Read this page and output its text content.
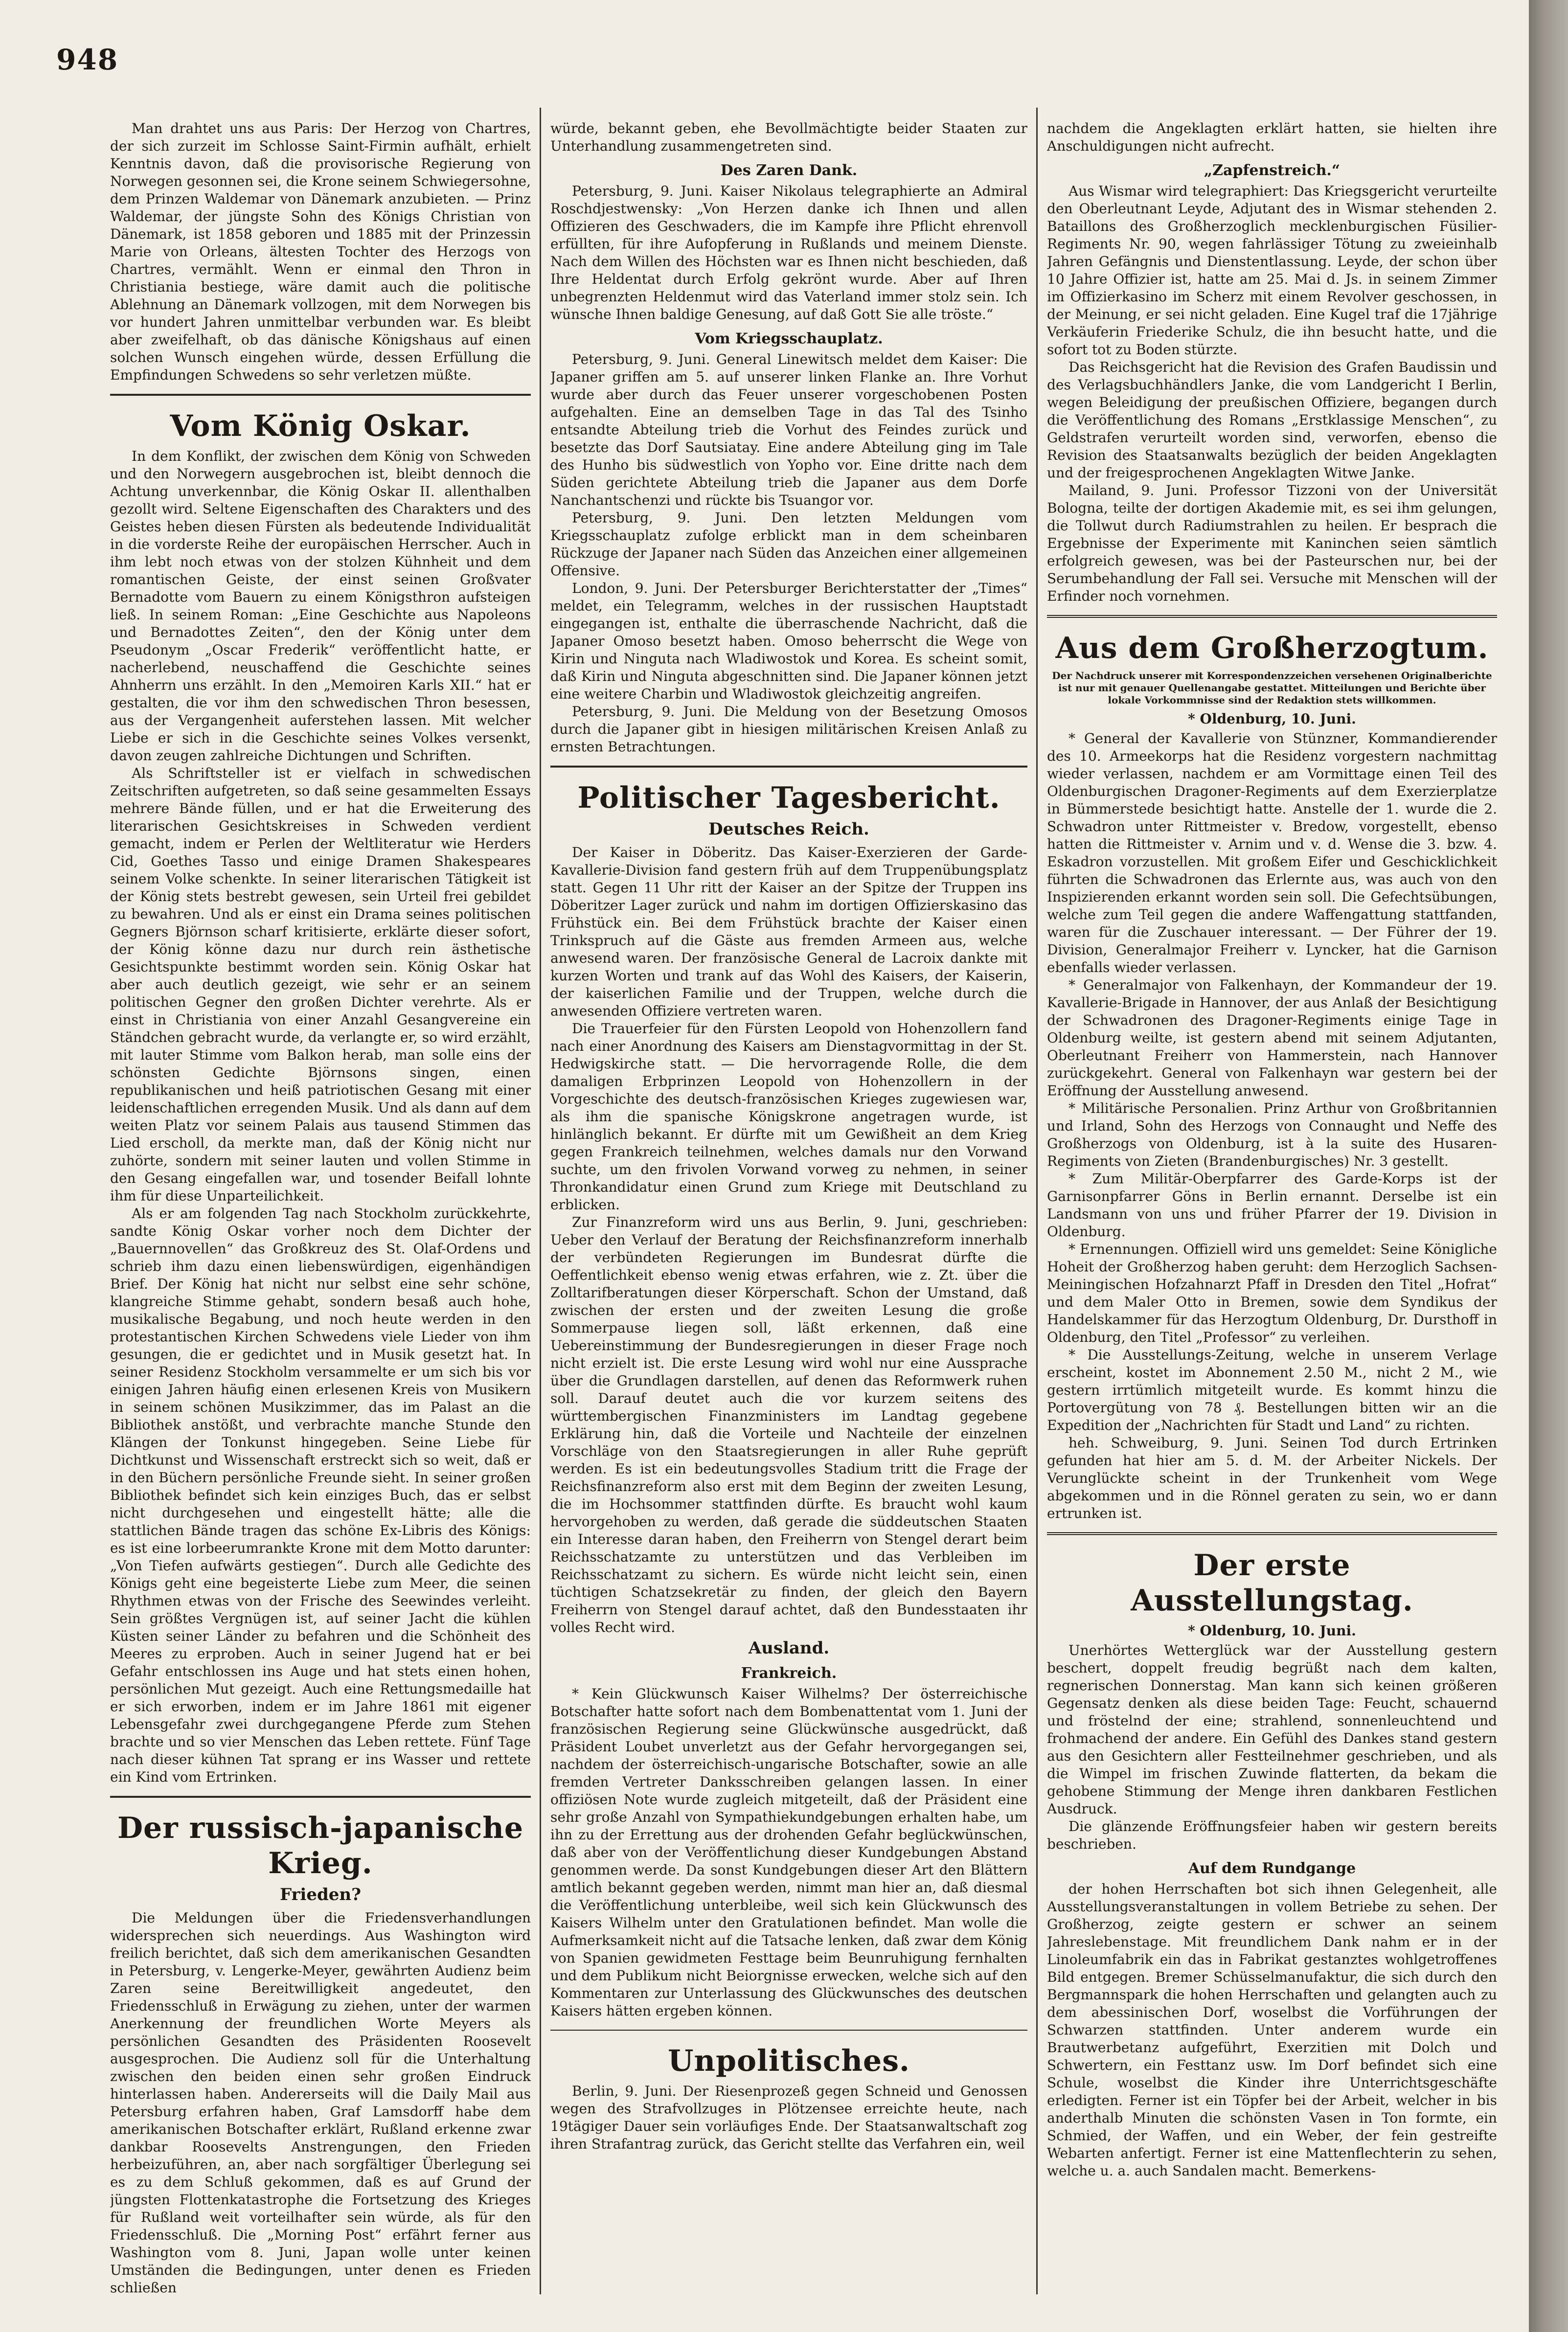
948

Man drahtet uns aus Paris: Der Herzog von Chartres, der sich zurzeit im Schlosse Saint-Firmin aufhält, erhielt Kenntnis davon, daß die provisorische Regierung von Norwegen gesonnen sei, die Krone seinem Schwiegersohne, dem Prinzen Waldemar von Dänemark anzubieten. — Prinz Waldemar, der jüngste Sohn des Königs Christian von Dänemark, ist 1858 geboren und 1885 mit der Prinzessin Marie von Orleans, ältesten Tochter des Herzogs von Chartres, vermählt. Wenn er einmal den Thron in Christiania bestiege, wäre damit auch die politische Ablehnung an Dänemark vollzogen, mit dem Norwegen bis vor hundert Jahren unmittelbar verbunden war. Es bleibt aber zweifelhaft, ob das dänische Königshaus auf einen solchen Wunsch eingehen würde, dessen Erfüllung die Empfindungen Schwedens so sehr verletzen müßte.

Vom König Oskar.

In dem Konflikt, der zwischen dem König von Schweden und den Norwegern ausgebrochen ist, bleibt dennoch die Achtung unverkennbar, die König Oskar II. allenthalben gezollt wird. Seltene Eigenschaften des Charakters und des Geistes heben diesen Fürsten als bedeutende Individualität in die vorderste Reihe der europäischen Herrscher. Auch in ihm lebt noch etwas von der stolzen Kühnheit und dem romantischen Geiste, der einst seinen Großvater Bernadotte vom Bauern zu einem Königsthron aufsteigen ließ. In seinem Roman: „Eine Geschichte aus Napoleons und Bernadottes Zeiten“, den der König unter dem Pseudonym „Oscar Frederik“ veröffentlicht hatte, er nacherlebend, neuschaffend die Geschichte seines Ahnherrn uns erzählt. In den „Memoiren Karls XII.“ hat er gestalten, die vor ihm den schwedischen Thron besessen, aus der Vergangenheit auferstehen lassen. Mit welcher Liebe er sich in die Geschichte seines Volkes versenkt, davon zeugen zahlreiche Dichtungen und Schriften.

Als Schriftsteller ist er vielfach in schwedischen Zeitschriften aufgetreten, so daß seine gesammelten Essays mehrere Bände füllen, und er hat die Erweiterung des literarischen Gesichtskreises in Schweden verdient gemacht, indem er Perlen der Weltliteratur wie Herders Cid, Goethes Tasso und einige Dramen Shakespeares seinem Volke schenkte. In seiner literarischen Tätigkeit ist der König stets bestrebt gewesen, sein Urteil frei gebildet zu bewahren. Und als er einst ein Drama seines politischen Gegners Björnson scharf kritisierte, erklärte dieser sofort, der König könne dazu nur durch rein ästhetische Gesichtspunkte bestimmt worden sein. König Oskar hat aber auch deutlich gezeigt, wie sehr er an seinem politischen Gegner den großen Dichter verehrte. Als er einst in Christiania von einer Anzahl Gesangvereine ein Ständchen gebracht wurde, da verlangte er, so wird erzählt, mit lauter Stimme vom Balkon herab, man solle eins der schönsten Gedichte Björnsons singen, einen republikanischen und heiß patriotischen Gesang mit einer leidenschaftlichen erregenden Musik. Und als dann auf dem weiten Platz vor seinem Palais aus tausend Stimmen das Lied erscholl, da merkte man, daß der König nicht nur zuhörte, sondern mit seiner lauten und vollen Stimme in den Gesang eingefallen war, und tosender Beifall lohnte ihm für diese Unparteilichkeit.

Als er am folgenden Tag nach Stockholm zurückkehrte, sandte König Oskar vorher noch dem Dichter der „Bauernnovellen“ das Großkreuz des St. Olaf-Ordens und schrieb ihm dazu einen liebenswürdigen, eigenhändigen Brief. Der König hat nicht nur selbst eine sehr schöne, klangreiche Stimme gehabt, sondern besaß auch hohe, musikalische Begabung, und noch heute werden in den protestantischen Kirchen Schwedens viele Lieder von ihm gesungen, die er gedichtet und in Musik gesetzt hat. In seiner Residenz Stockholm versammelte er um sich bis vor einigen Jahren häufig einen erlesenen Kreis von Musikern in seinem schönen Musikzimmer, das im Palast an die Bibliothek anstößt, und verbrachte manche Stunde den Klängen der Tonkunst hingegeben. Seine Liebe für Dichtkunst und Wissenschaft erstreckt sich so weit, daß er in den Büchern persönliche Freunde sieht. In seiner großen Bibliothek befindet sich kein einziges Buch, das er selbst nicht durchgesehen und eingestellt hätte; alle die stattlichen Bände tragen das schöne Ex-Libris des Königs: es ist eine lorbeerumrankte Krone mit dem Motto darunter: „Von Tiefen aufwärts gestiegen“. Durch alle Gedichte des Königs geht eine begeisterte Liebe zum Meer, die seinen Rhythmen etwas von der Frische des Seewindes verleiht. Sein größtes Vergnügen ist, auf seiner Jacht die kühlen Küsten seiner Länder zu befahren und die Schönheit des Meeres zu erproben. Auch in seiner Jugend hat er bei Gefahr entschlossen ins Auge und hat stets einen hohen, persönlichen Mut gezeigt. Auch eine Rettungsmedaille hat er sich erworben, indem er im Jahre 1861 mit eigener Lebensgefahr zwei durchgegangene Pferde zum Stehen brachte und so vier Menschen das Leben rettete. Fünf Tage nach dieser kühnen Tat sprang er ins Wasser und rettete ein Kind vom Ertrinken.

Der russisch-japanische Krieg.
Frieden?

Die Meldungen über die Friedensverhandlungen widersprechen sich neuerdings. Aus Washington wird freilich berichtet, daß sich dem amerikanischen Gesandten in Petersburg, v. Lengerke-Meyer, gewährten Audienz beim Zaren seine Bereitwilligkeit angedeutet, den Friedensschluß in Erwägung zu ziehen, unter der warmen Anerkennung der freundlichen Worte Meyers als persönlichen Gesandten des Präsidenten Roosevelt ausgesprochen. Die Audienz soll für die Unterhaltung zwischen den beiden einen sehr großen Eindruck hinterlassen haben. Andererseits will die Daily Mail aus Petersburg erfahren haben, Graf Lamsdorff habe dem amerikanischen Botschafter erklärt, Rußland erkenne zwar dankbar Roosevelts Anstrengungen, den Frieden herbeizuführen, an, aber nach sorgfältiger Überlegung sei es zu dem Schluß gekommen, daß es auf Grund der jüngsten Flottenkatastrophe die Fortsetzung des Krieges für Rußland weit vorteilhafter sein würde, als für den Friedensschluß. Die „Morning Post“ erfährt ferner aus Washington vom 8. Juni, Japan wolle unter keinen Umständen die Bedingungen, unter denen es Frieden schließen

würde, bekannt geben, ehe Bevollmächtigte beider Staaten zur Unterhandlung zusammengetreten sind.

Des Zaren Dank.

Petersburg, 9. Juni. Kaiser Nikolaus telegraphierte an Admiral Roschdjestwensky: „Von Herzen danke ich Ihnen und allen Offizieren des Geschwaders, die im Kampfe ihre Pflicht ehrenvoll erfüllten, für ihre Aufopferung in Rußlands und meinem Dienste. Nach dem Willen des Höchsten war es Ihnen nicht beschieden, daß Ihre Heldentat durch Erfolg gekrönt wurde. Aber auf Ihren unbegrenzten Heldenmut wird das Vaterland immer stolz sein. Ich wünsche Ihnen baldige Genesung, auf daß Gott Sie alle tröste.“

Vom Kriegsschauplatz.

Petersburg, 9. Juni. General Linewitsch meldet dem Kaiser: Die Japaner griffen am 5. auf unserer linken Flanke an. Ihre Vorhut wurde aber durch das Feuer unserer vorgeschobenen Posten aufgehalten. Eine an demselben Tage in das Tal des Tsinho entsandte Abteilung trieb die Vorhut des Feindes zurück und besetzte das Dorf Sautsiatay. Eine andere Abteilung ging im Tale des Hunho bis südwestlich von Yopho vor. Eine dritte nach dem Süden gerichtete Abteilung trieb die Japaner aus dem Dorfe Nanchantschenzi und rückte bis Tsuangor vor.

Petersburg, 9. Juni. Den letzten Meldungen vom Kriegsschauplatz zufolge erblickt man in dem scheinbaren Rückzuge der Japaner nach Süden das Anzeichen einer allgemeinen Offensive.

London, 9. Juni. Der Petersburger Berichterstatter der „Times“ meldet, ein Telegramm, welches in der russischen Hauptstadt eingegangen ist, enthalte die überraschende Nachricht, daß die Japaner Omoso besetzt haben. Omoso beherrscht die Wege von Kirin und Ninguta nach Wladiwostok und Korea. Es scheint somit, daß Kirin und Ninguta abgeschnitten sind. Die Japaner können jetzt eine weitere Charbin und Wladiwostok gleichzeitig angreifen.

Petersburg, 9. Juni. Die Meldung von der Besetzung Omosos durch die Japaner gibt in hiesigen militärischen Kreisen Anlaß zu ernsten Betrachtungen.

Politischer Tagesbericht.
Deutsches Reich.

Der Kaiser in Döberitz. Das Kaiser-Exerzieren der Garde-Kavallerie-Division fand gestern früh auf dem Truppenübungsplatz statt. Gegen 11 Uhr ritt der Kaiser an der Spitze der Truppen ins Döberitzer Lager zurück und nahm im dortigen Offizierskasino das Frühstück ein. Bei dem Frühstück brachte der Kaiser einen Trinkspruch auf die Gäste aus fremden Armeen aus, welche anwesend waren. Der französische General de Lacroix dankte mit kurzen Worten und trank auf das Wohl des Kaisers, der Kaiserin, der kaiserlichen Familie und der Truppen, welche durch die anwesenden Offiziere vertreten waren.

Die Trauerfeier für den Fürsten Leopold von Hohenzollern fand nach einer Anordnung des Kaisers am Dienstagvormittag in der St. Hedwigskirche statt. — Die hervorragende Rolle, die dem damaligen Erbprinzen Leopold von Hohenzollern in der Vorgeschichte des deutsch-französischen Krieges zugewiesen war, als ihm die spanische Königskrone angetragen wurde, ist hinlänglich bekannt. Er dürfte mit um Gewißheit an dem Krieg gegen Frankreich teilnehmen, welches damals nur den Vorwand suchte, um den frivolen Vorwand vorweg zu nehmen, in seiner Thronkandidatur einen Grund zum Kriege mit Deutschland zu erblicken.

Zur Finanzreform wird uns aus Berlin, 9. Juni, geschrieben: Ueber den Verlauf der Beratung der Reichsfinanzreform innerhalb der verbündeten Regierungen im Bundesrat dürfte die Oeffentlichkeit ebenso wenig etwas erfahren, wie z. Zt. über die Zolltarifberatungen dieser Körperschaft. Schon der Umstand, daß zwischen der ersten und der zweiten Lesung die große Sommerpause liegen soll, läßt erkennen, daß eine Uebereinstimmung der Bundesregierungen in dieser Frage noch nicht erzielt ist. Die erste Lesung wird wohl nur eine Aussprache über die Grundlagen darstellen, auf denen das Reformwerk ruhen soll. Darauf deutet auch die vor kurzem seitens des württembergischen Finanzministers im Landtag gegebene Erklärung hin, daß die Vorteile und Nachteile der einzelnen Vorschläge von den Staatsregierungen in aller Ruhe geprüft werden. Es ist ein bedeutungsvolles Stadium tritt die Frage der Reichsfinanzreform also erst mit dem Beginn der zweiten Lesung, die im Hochsommer stattfinden dürfte. Es braucht wohl kaum hervorgehoben zu werden, daß gerade die süddeutschen Staaten ein Interesse daran haben, den Freiherrn von Stengel derart beim Reichsschatzamte zu unterstützen und das Verbleiben im Reichsschatzamt zu sichern. Es würde nicht leicht sein, einen tüchtigen Schatzsekretär zu finden, der gleich den Bayern Freiherrn von Stengel darauf achtet, daß den Bundesstaaten ihr volles Recht wird.

Ausland.
Frankreich.

* Kein Glückwunsch Kaiser Wilhelms? Der österreichische Botschafter hatte sofort nach dem Bombenattentat vom 1. Juni der französischen Regierung seine Glückwünsche ausgedrückt, daß Präsident Loubet unverletzt aus der Gefahr hervorgegangen sei, nachdem der österreichisch-ungarische Botschafter, sowie an alle fremden Vertreter Danksschreiben gelangen lassen. In einer offiziösen Note wurde zugleich mitgeteilt, daß der Präsident eine sehr große Anzahl von Sympathiekundgebungen erhalten habe, um ihn zu der Errettung aus der drohenden Gefahr beglückwünschen, daß aber von der Veröffentlichung dieser Kundgebungen Abstand genommen werde. Da sonst Kundgebungen dieser Art den Blättern amtlich bekannt gegeben werden, nimmt man hier an, daß diesmal die Veröffentlichung unterbleibe, weil sich kein Glückwunsch des Kaisers Wilhelm unter den Gratulationen befindet. Man wolle die Aufmerksamkeit nicht auf die Tatsache lenken, daß zwar dem König von Spanien gewidmeten Festtage beim Beunruhigung fernhalten und dem Publikum nicht Beiorgnisse erwecken, welche sich auf den Kommentaren zur Unterlassung des Glückwunsches des deutschen Kaisers hätten ergeben können.

Unpolitisches.

Berlin, 9. Juni. Der Riesenprozeß gegen Schneid und Genossen wegen des Strafvollzuges in Plötzensee erreichte heute, nach 19tägiger Dauer sein vorläufiges Ende. Der Staatsanwaltschaft zog ihren Strafantrag zurück, das Gericht stellte das Verfahren ein, weil

nachdem die Angeklagten erklärt hatten, sie hielten ihre Anschuldigungen nicht aufrecht.

„Zapfenstreich.“

Aus Wismar wird telegraphiert: Das Kriegsgericht verurteilte den Oberleutnant Leyde, Adjutant des in Wismar stehenden 2. Bataillons des Großherzoglich mecklenburgischen Füsilier-Regiments Nr. 90, wegen fahrlässiger Tötung zu zweieinhalb Jahren Gefängnis und Dienstentlassung. Leyde, der schon über 10 Jahre Offizier ist, hatte am 25. Mai d. Js. in seinem Zimmer im Offizierkasino im Scherz mit einem Revolver geschossen, in der Meinung, er sei nicht geladen. Eine Kugel traf die 17jährige Verkäuferin Friederike Schulz, die ihn besucht hatte, und die sofort tot zu Boden stürzte.

Das Reichsgericht hat die Revision des Grafen Baudissin und des Verlagsbuchhändlers Janke, die vom Landgericht I Berlin, wegen Beleidigung der preußischen Offiziere, begangen durch die Veröffentlichung des Romans „Erstklassige Menschen“, zu Geldstrafen verurteilt worden sind, verworfen, ebenso die Revision des Staatsanwalts bezüglich der beiden Angeklagten und der freigesprochenen Angeklagten Witwe Janke.

Mailand, 9. Juni. Professor Tizzoni von der Universität Bologna, teilte der dortigen Akademie mit, es sei ihm gelungen, die Tollwut durch Radiumstrahlen zu heilen. Er besprach die Ergebnisse der Experimente mit Kaninchen seien sämtlich erfolgreich gewesen, was bei der Pasteurschen nur, bei der Serumbehandlung der Fall sei. Versuche mit Menschen will der Erfinder noch vornehmen.

Aus dem Großherzogtum.
Der Nachdruck unserer mit Korrespondenzzeichen versehenen Originalberichte ist nur mit genauer Quellenangabe gestattet. Mitteilungen und Berichte über lokale Vorkommnisse sind der Redaktion stets willkommen.
* Oldenburg, 10. Juni.

* General der Kavallerie von Stünzner, Kommandierender des 10. Armeekorps hat die Residenz vorgestern nachmittag wieder verlassen, nachdem er am Vormittage einen Teil des Oldenburgischen Dragoner-Regiments auf dem Exerzierplatze in Bümmerstede besichtigt hatte. Anstelle der 1. wurde die 2. Schwadron unter Rittmeister v. Bredow, vorgestellt, ebenso hatten die Rittmeister v. Arnim und v. d. Wense die 3. bzw. 4. Eskadron vorzustellen. Mit großem Eifer und Geschicklichkeit führten die Schwadronen das Erlernte aus, was auch von den Inspizierenden erkannt worden sein soll. Die Gefechtsübungen, welche zum Teil gegen die andere Waffengattung stattfanden, waren für die Zuschauer interessant. — Der Führer der 19. Division, Generalmajor Freiherr v. Lyncker, hat die Garnison ebenfalls wieder verlassen.

* Generalmajor von Falkenhayn, der Kommandeur der 19. Kavallerie-Brigade in Hannover, der aus Anlaß der Besichtigung der Schwadronen des Dragoner-Regiments einige Tage in Oldenburg weilte, ist gestern abend mit seinem Adjutanten, Oberleutnant Freiherr von Hammerstein, nach Hannover zurückgekehrt. General von Falkenhayn war gestern bei der Eröffnung der Ausstellung anwesend.

* Militärische Personalien. Prinz Arthur von Großbritannien und Irland, Sohn des Herzogs von Connaught und Neffe des Großherzogs von Oldenburg, ist à la suite des Husaren-Regiments von Zieten (Brandenburgisches) Nr. 3 gestellt.

* Zum Militär-Oberpfarrer des Garde-Korps ist der Garnisonpfarrer Göns in Berlin ernannt. Derselbe ist ein Landsmann von uns und früher Pfarrer der 19. Division in Oldenburg.

* Ernennungen. Offiziell wird uns gemeldet: Seine Königliche Hoheit der Großherzog haben geruht: dem Herzoglich Sachsen-Meiningischen Hofzahnarzt Pfaff in Dresden den Titel „Hofrat“ und dem Maler Otto in Bremen, sowie dem Syndikus der Handelskammer für das Herzogtum Oldenburg, Dr. Dursthoff in Oldenburg, den Titel „Professor“ zu verleihen.

* Die Ausstellungs-Zeitung, welche in unserem Verlage erscheint, kostet im Abonnement 2.50 M., nicht 2 M., wie gestern irrtümlich mitgeteilt wurde. Es kommt hinzu die Portovergütung von 78 ₰. Bestellungen bitten wir an die Expedition der „Nachrichten für Stadt und Land“ zu richten.

heh. Schweiburg, 9. Juni. Seinen Tod durch Ertrinken gefunden hat hier am 5. d. M. der Arbeiter Nickels. Der Verunglückte scheint in der Trunkenheit vom Wege abgekommen und in die Rönnel geraten zu sein, wo er dann ertrunken ist.

Der erste Ausstellungstag.
* Oldenburg, 10. Juni.

Unerhörtes Wetterglück war der Ausstellung gestern beschert, doppelt freudig begrüßt nach dem kalten, regnerischen Donnerstag. Man kann sich keinen größeren Gegensatz denken als diese beiden Tage: Feucht, schauernd und fröstelnd der eine; strahlend, sonnenleuchtend und frohmachend der andere. Ein Gefühl des Dankes stand gestern aus den Gesichtern aller Festteilnehmer geschrieben, und als die Wimpel im frischen Zuwinde flatterten, da bekam die gehobene Stimmung der Menge ihren dankbaren Festlichen Ausdruck.

Die glänzende Eröffnungsfeier haben wir gestern bereits beschrieben.

Auf dem Rundgange

der hohen Herrschaften bot sich ihnen Gelegenheit, alle Ausstellungsveranstaltungen in vollem Betriebe zu sehen. Der Großherzog, zeigte gestern er schwer an seinem Jahreslebenstage. Mit freundlichem Dank nahm er in der Linoleumfabrik ein das in Fabrikat gestanztes wohlgetroffenes Bild entgegen. Bremer Schüsselmanufaktur, die sich durch den Bergmannspark die hohen Herrschaften und gelangten auch zu dem abessinischen Dorf, woselbst die Vorführungen der Schwarzen stattfinden. Unter anderem wurde ein Brautwerbetanz aufgeführt, Exerzitien mit Dolch und Schwertern, ein Festtanz usw. Im Dorf befindet sich eine Schule, woselbst die Kinder ihre Unterrichtsgeschäfte erledigten. Ferner ist ein Töpfer bei der Arbeit, welcher in bis anderthalb Minuten die schönsten Vasen in Ton formte, ein Schmied, der Waffen, und ein Weber, der fein gestreifte Webarten anfertigt. Ferner ist eine Mattenflechterin zu sehen, welche u. a. auch Sandalen macht. Bemerkens-
